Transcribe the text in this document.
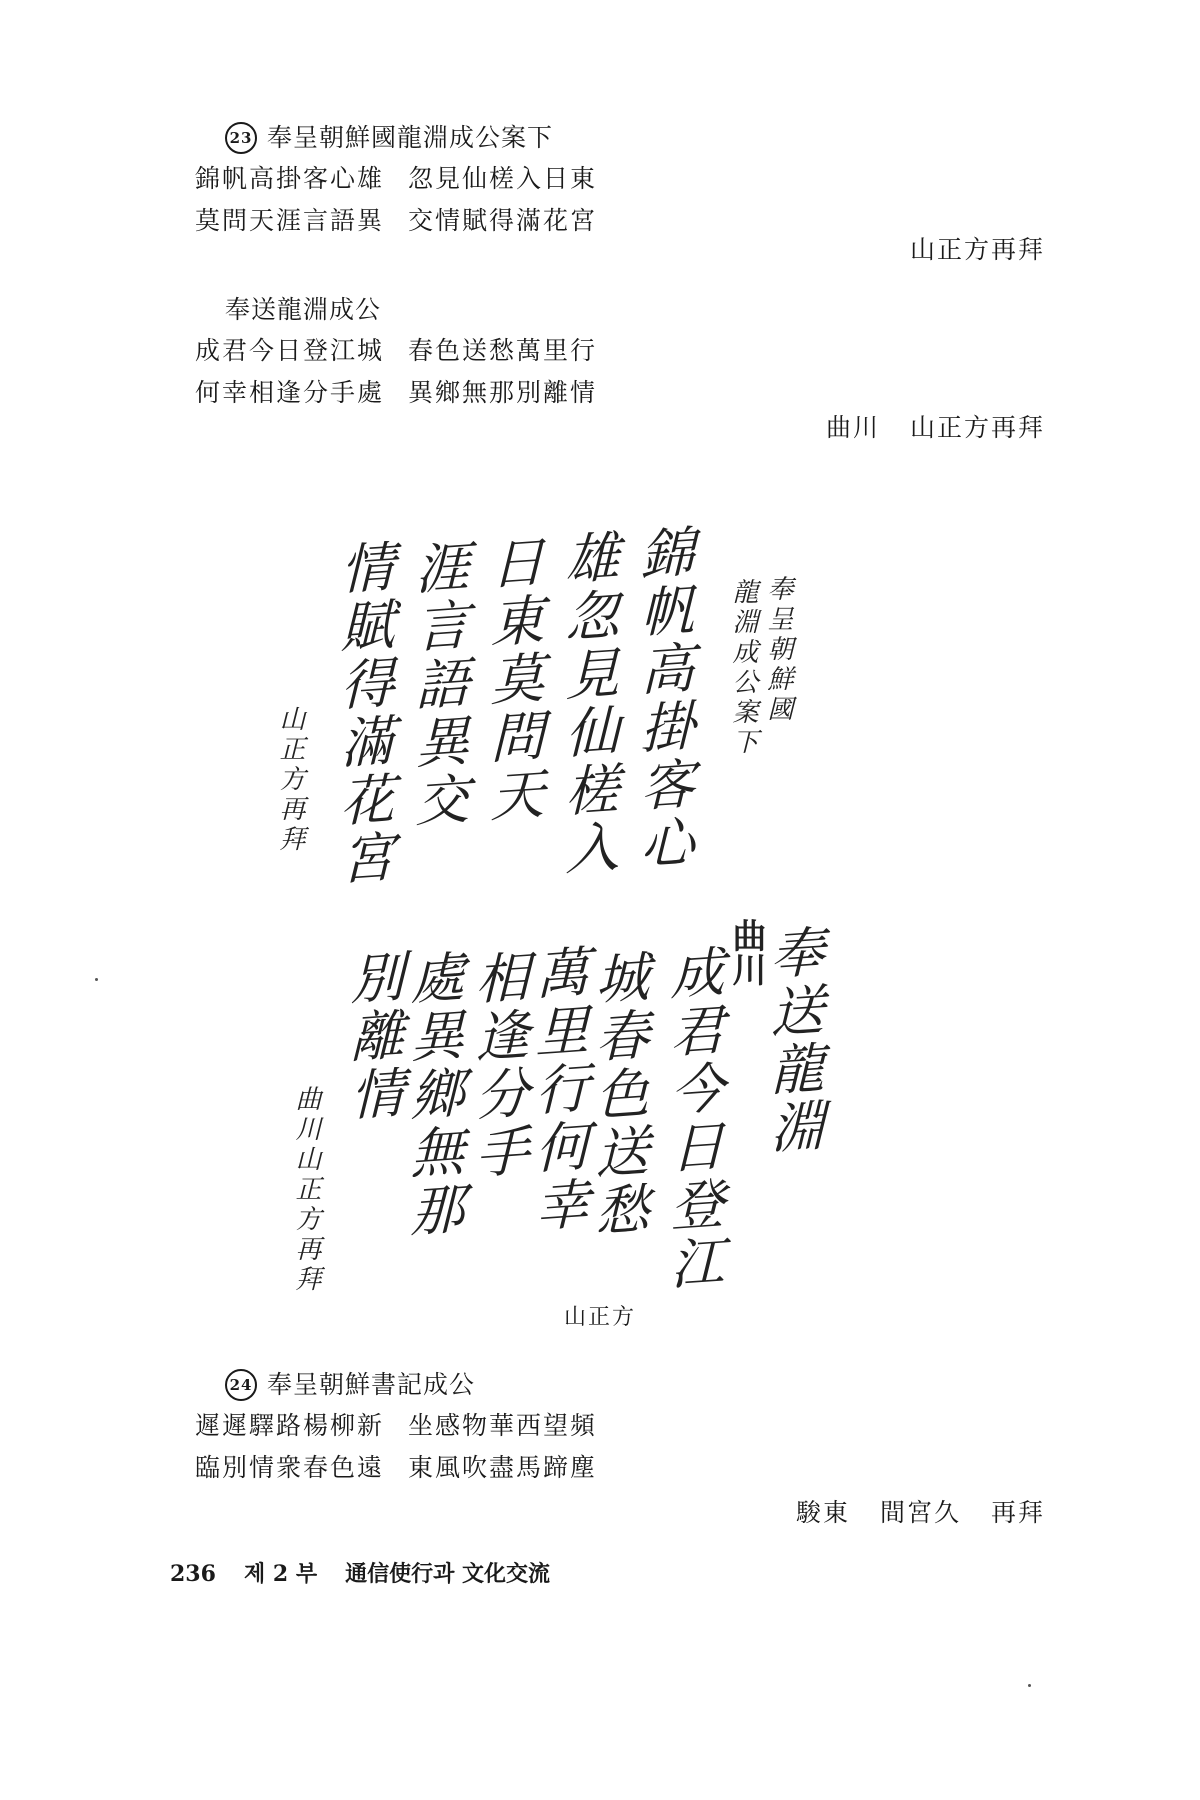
23 奉呈朝鮮國龍淵成公案下
錦帆高掛客心雄 忽見仙槎入日東
莫問天涯言語異 交情賦得滿花宮
山正方再拜
奉送龍淵成公
成君今日登江城 春色送愁萬里行
何幸相逢分手處 異鄉無那別離情
曲川 山正方再拜
奉呈朝鮮國
龍淵成公案下
錦帆高掛客心
雄忽見仙槎入
日東莫問天
涯言語異交
情賦得滿花宮
山正方再拜
曲川
奉送龍淵
成君今日登江
城春色送愁
萬里行何幸
相逢分手
處異鄉無那
別離情
曲川山正方再拜
山正方
24 奉呈朝鮮書記成公
遲遲驛路楊柳新 坐感物華西望頻
臨別情衆春色遠 東風吹盡馬蹄塵
駿東 間宮久 再拜
236 제 2 부 通信使行과 文化交流
